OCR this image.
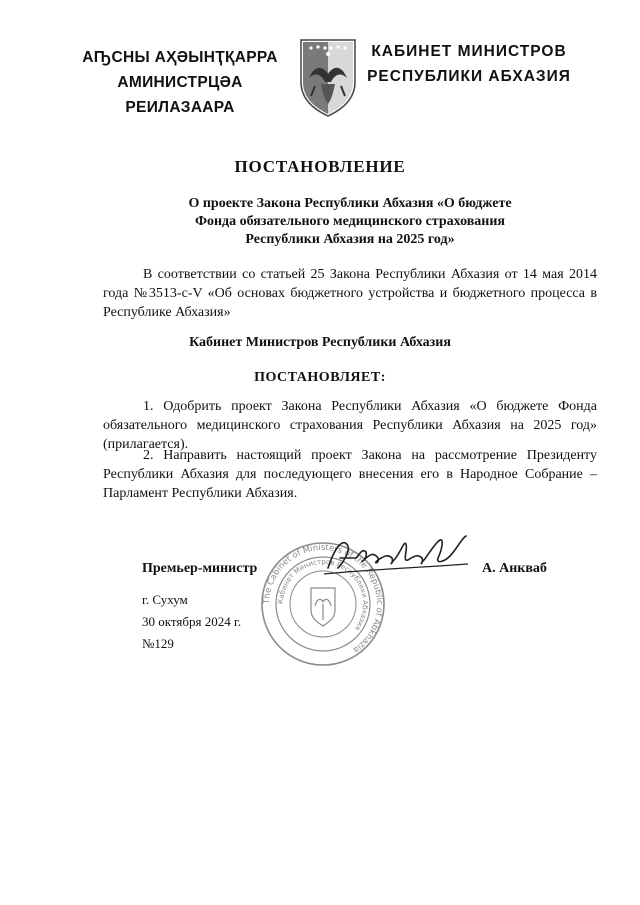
АҦСНЫ АҲӘЫНҬҚАРРА
АМИНИСТРЦӘА РЕИЛАЗААРА
КАБИНЕТ МИНИСТРОВ
РЕСПУБЛИКИ АБХАЗИЯ
ПОСТАНОВЛЕНИЕ
О проекте Закона Республики Абхазия «О бюджете
Фонда обязательного медицинского страхования
Республики Абхазия на 2025 год»
В соответствии со статьей 25 Закона Республики Абхазия от 14 мая 2014 года №3513-с-V «Об основах бюджетного устройства и бюджетного процесса в Республике Абхазия»
Кабинет Министров Республики Абхазия
ПОСТАНОВЛЯЕТ:
1. Одобрить проект Закона Республики Абхазия «О бюджете Фонда обязательного медицинского страхования Республики Абхазия на 2025 год» (прилагается).
2. Направить настоящий проект Закона на рассмотрение Президенту Республики Абхазия для последующего внесения его в Народное Собрание – Парламент Республики Абхазия.
The Cabinet of Ministers of the Republic of Abkhazia
Кабинет Министров Республики Абхазия
Премьер-министр	А. Анкваб
г. Сухум
30 октября 2024 г.
№129
